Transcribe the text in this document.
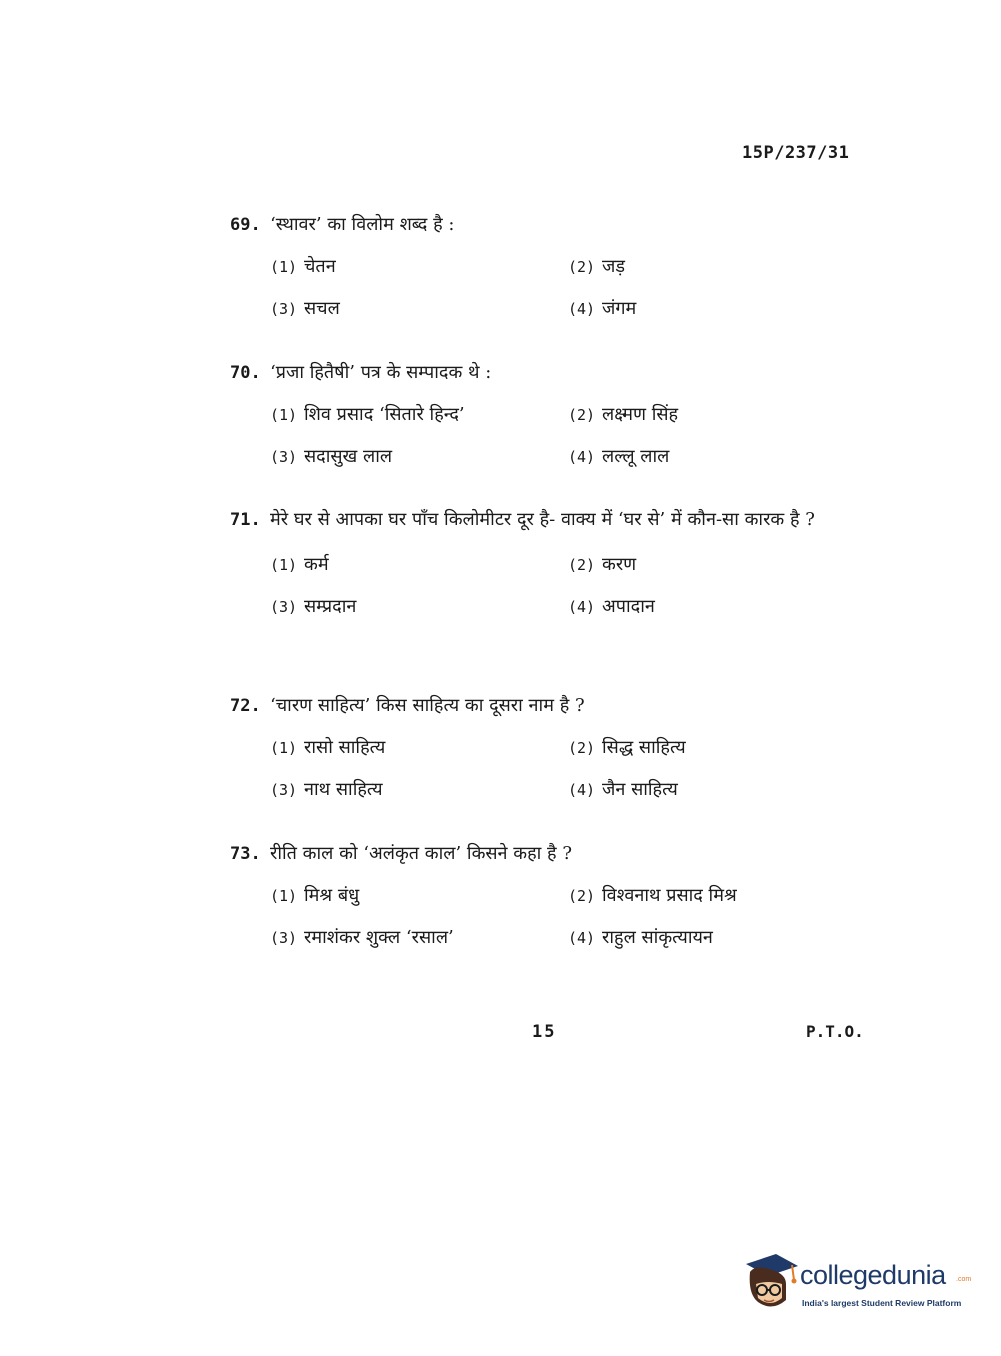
15P/237/31
69. ‘स्थावर’ का विलोम शब्द है :
(1) चेतन	(2) जड़
(3) सचल	(4) जंगम
70. ‘प्रजा हितैषी’ पत्र के सम्पादक थे :
(1) शिव प्रसाद ‘सितारे हिन्द’	(2) लक्ष्मण सिंह
(3) सदासुख लाल	(4) लल्लू लाल
71. मेरे घर से आपका घर पाँच किलोमीटर दूर है- वाक्य में ‘घर से’ में कौन-सा कारक है ?
(1) कर्म	(2) करण
(3) सम्प्रदान	(4) अपादान
72. ‘चारण साहित्य’ किस साहित्य का दूसरा नाम है ?
(1) रासो साहित्य	(2) सिद्ध साहित्य
(3) नाथ साहित्य	(4) जैन साहित्य
73. रीति काल को ‘अलंकृत काल’ किसने कहा है ?
(1) मिश्र बंधु	(2) विश्वनाथ प्रसाद मिश्र
(3) रमाशंकर शुक्ल ‘रसाल’	(4) राहुल सांकृत्यायन
15	P.T.O.
collegedunia .com
India's largest Student Review Platform
